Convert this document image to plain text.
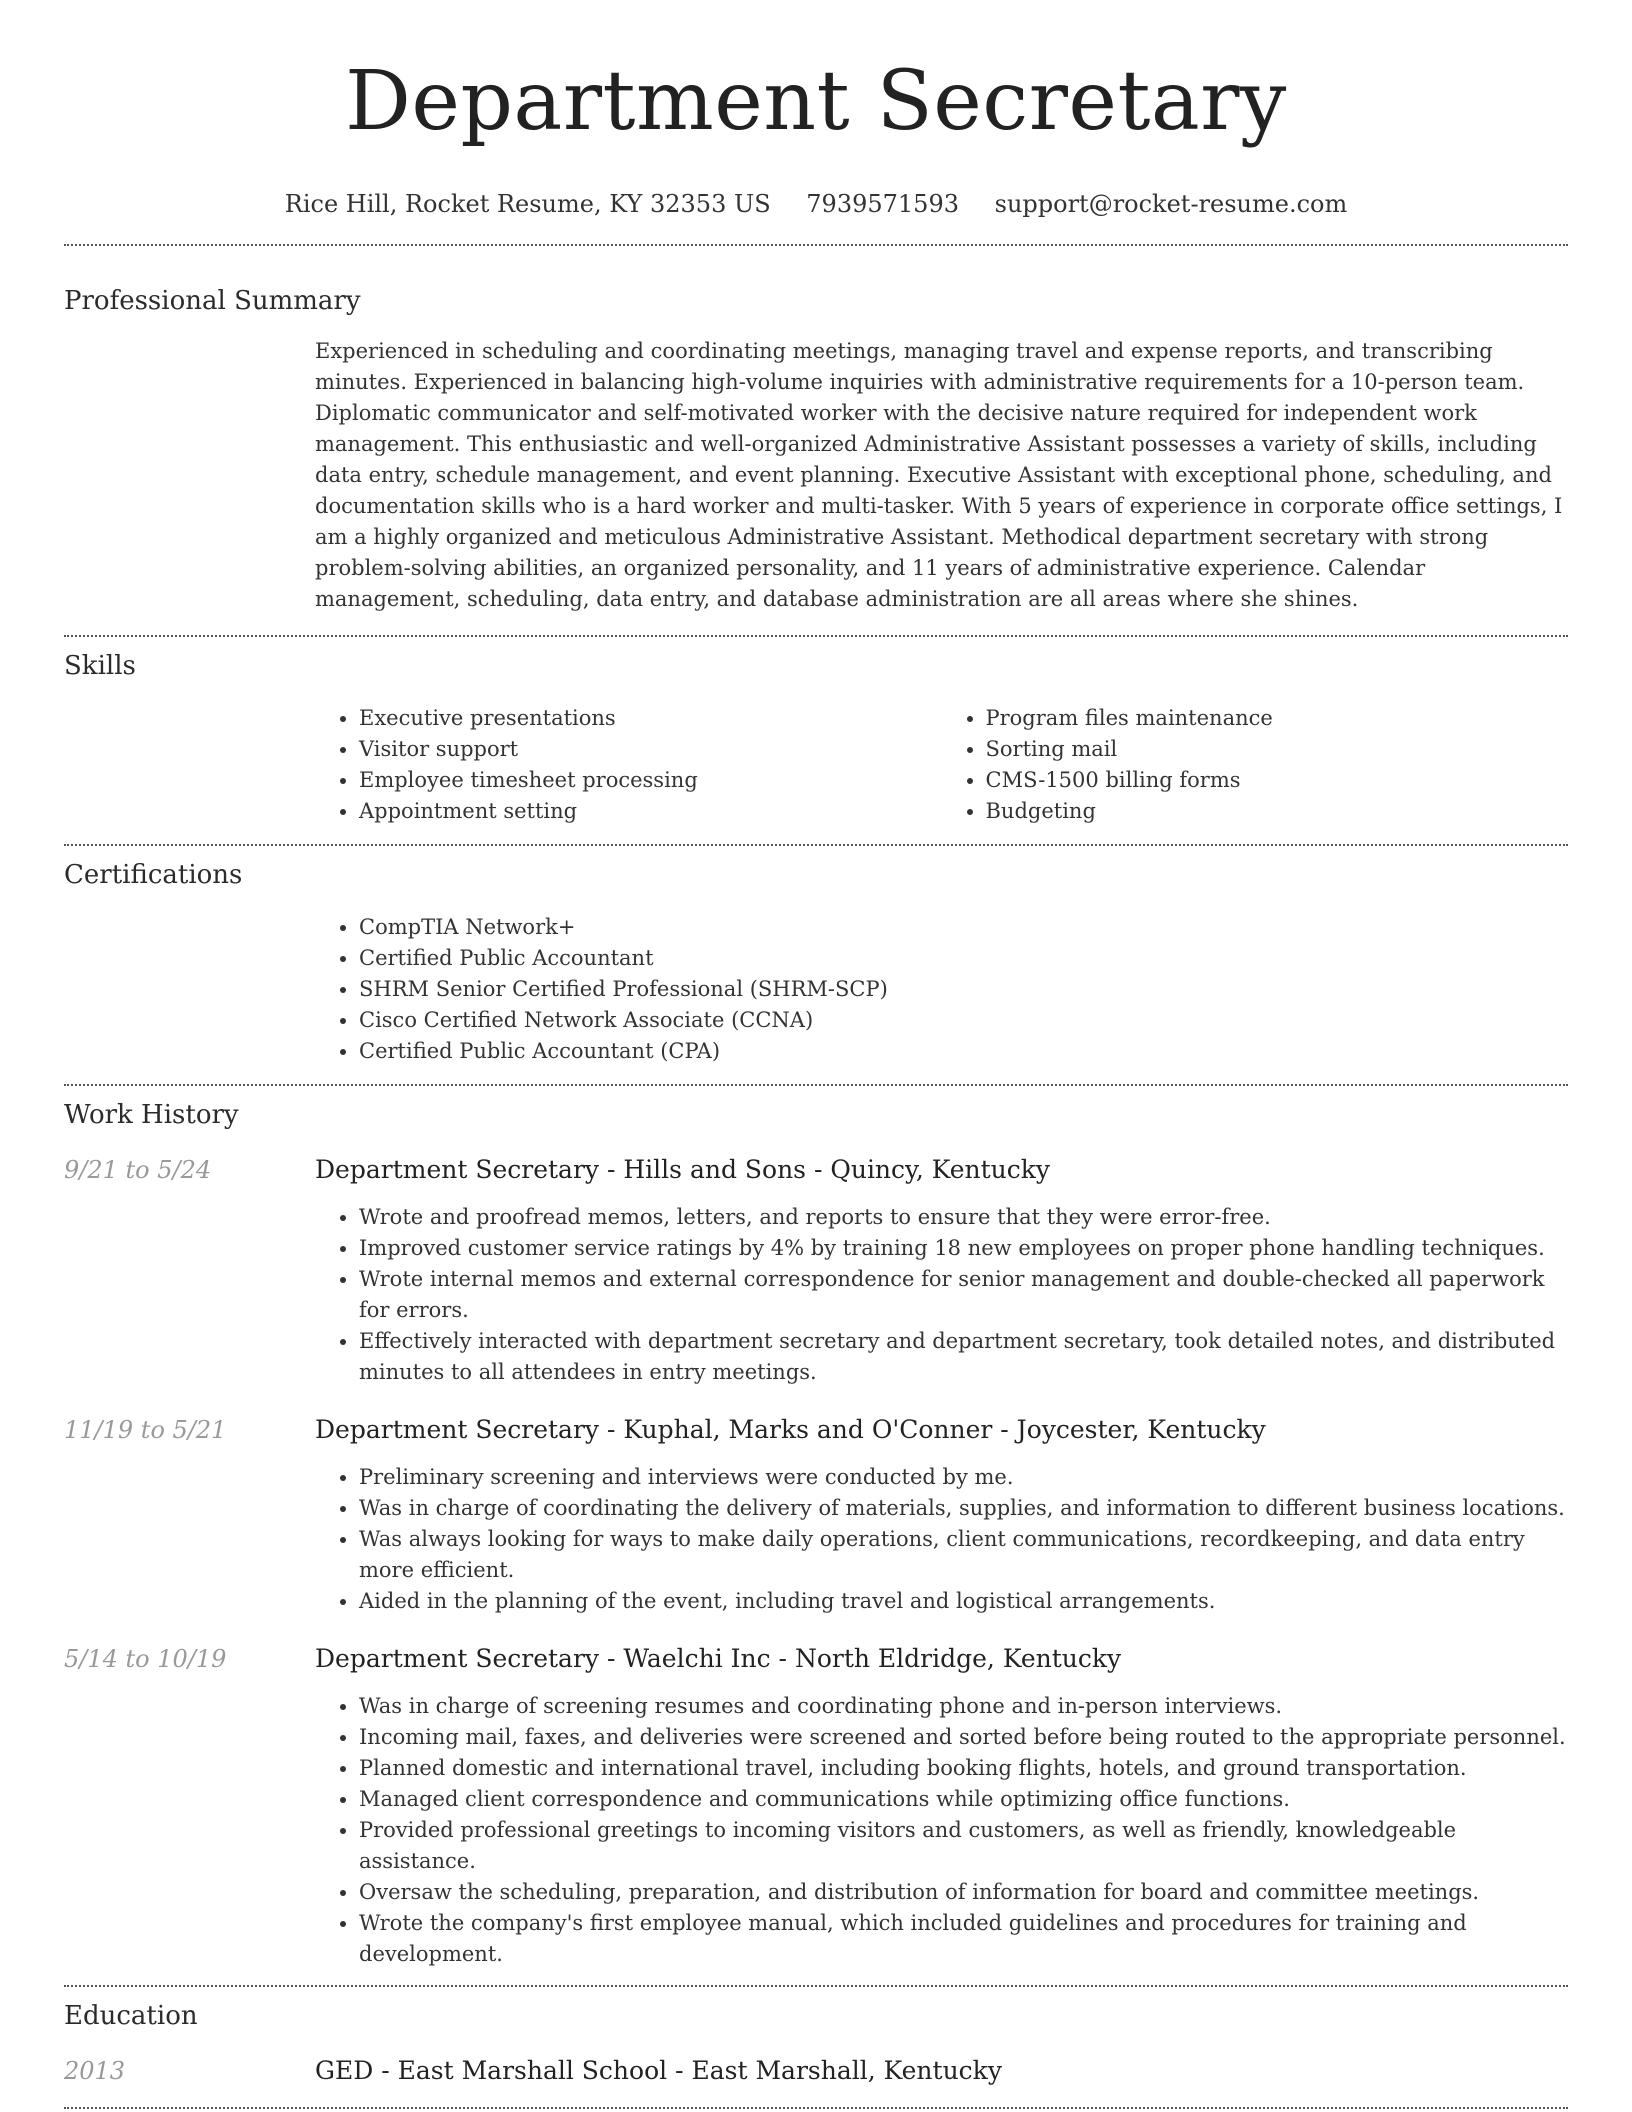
Department Secretary
Rice Hill, Rocket Resume, KY 32353 US 7939571593 support@rocket-resume.com
Professional Summary
Experienced in scheduling and coordinating meetings, managing travel and expense reports, and transcribing minutes. Experienced in balancing high-volume inquiries with administrative requirements for a 10-person team. Diplomatic communicator and self-motivated worker with the decisive nature required for independent work management. This enthusiastic and well-organized Administrative Assistant possesses a variety of skills, including data entry, schedule management, and event planning. Executive Assistant with exceptional phone, scheduling, and documentation skills who is a hard worker and multi-tasker. With 5 years of experience in corporate office settings, I am a highly organized and meticulous Administrative Assistant. Methodical department secretary with strong problem-solving abilities, an organized personality, and 11 years of administrative experience. Calendar management, scheduling, data entry, and database administration are all areas where she shines.
Skills
• Executive presentations
• Visitor support
• Employee timesheet processing
• Appointment setting
• Program files maintenance
• Sorting mail
• CMS-1500 billing forms
• Budgeting
Certifications
• CompTIA Network+
• Certified Public Accountant
• SHRM Senior Certified Professional (SHRM-SCP)
• Cisco Certified Network Associate (CCNA)
• Certified Public Accountant (CPA)
Work History
9/21 to 5/24	Department Secretary - Hills and Sons - Quincy, Kentucky
• Wrote and proofread memos, letters, and reports to ensure that they were error-free.
• Improved customer service ratings by 4% by training 18 new employees on proper phone handling techniques.
• Wrote internal memos and external correspondence for senior management and double-checked all paperwork for errors.
• Effectively interacted with department secretary and department secretary, took detailed notes, and distributed minutes to all attendees in entry meetings.
11/19 to 5/21	Department Secretary - Kuphal, Marks and O'Conner - Joycester, Kentucky
• Preliminary screening and interviews were conducted by me.
• Was in charge of coordinating the delivery of materials, supplies, and information to different business locations.
• Was always looking for ways to make daily operations, client communications, recordkeeping, and data entry more efficient.
• Aided in the planning of the event, including travel and logistical arrangements.
5/14 to 10/19	Department Secretary - Waelchi Inc - North Eldridge, Kentucky
• Was in charge of screening resumes and coordinating phone and in-person interviews.
• Incoming mail, faxes, and deliveries were screened and sorted before being routed to the appropriate personnel.
• Planned domestic and international travel, including booking flights, hotels, and ground transportation.
• Managed client correspondence and communications while optimizing office functions.
• Provided professional greetings to incoming visitors and customers, as well as friendly, knowledgeable assistance.
• Oversaw the scheduling, preparation, and distribution of information for board and committee meetings.
• Wrote the company's first employee manual, which included guidelines and procedures for training and development.
Education
2013	GED - East Marshall School - East Marshall, Kentucky
